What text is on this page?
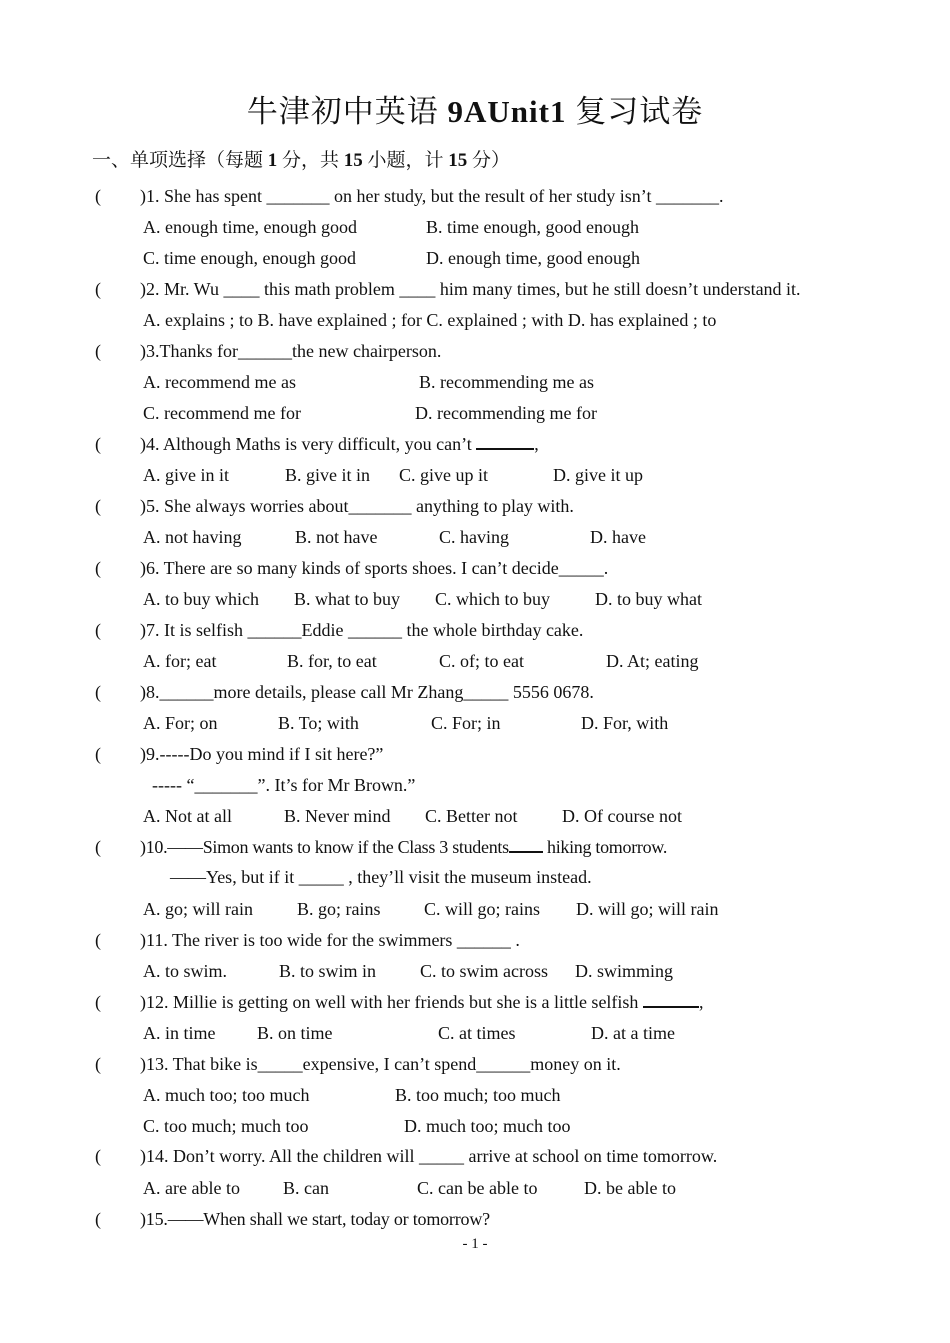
牛津初中英语 9AUnit1 复习试卷
一、单项选择（每题 1 分，共 15 小题，计 15 分）
( )1. She has spent _______ on her study, but the result of her study isn’t _______.
A. enough time, enough good	B. time enough, good enough
C. time enough, enough good	D. enough time, good enough
( )2. Mr. Wu ____ this math problem ____ him many times, but he still doesn’t understand it.
A. explains ; to B. have explained ; for C. explained ; with D. has explained ; to
( )3.Thanks for______the new chairperson.
A. recommend me as	B. recommending me as
C. recommend me for	D. recommending me for
( )4. Although Maths is very difficult, you can’t	,
A. give in it	B. give it in C. give up it	D. give it up
( )5. She always worries about_______ anything to play with.
A. not having	B. not have	C. having	D. have
( )6. There are so many kinds of sports shoes. I can’t decide_____.
A. to buy which B. what to buy C. which to buy	D. to buy what
( )7. It is selfish ______Eddie ______ the whole birthday cake.
A. for; eat	B. for, to eat	C. of; to eat	D. At; eating
( )8.______more details, please call Mr Zhang_____ 5556 0678.
A. For; on	B. To; with	C. For; in	D. For, with
( )9.-----Do you mind if I sit here?”
----- “_______”. It’s for Mr Brown.”
A. Not at all	B. Never mind C. Better not D. Of course not
( )10.——Simon wants to know if the Class 3 students hiking tomorrow.
——Yes, but if it _____ , they’ll visit the museum instead.
A. go; will rain B. go; rains C. will go; rains D. will go; will rain
( )11. The river is too wide for the swimmers ______ .
A. to swim.	B. to swim in C. to swim across D. swimming
( )12. Millie is getting on well with her friends but she is a little selfish	,
A. in time B. on time	C. at times	D. at a time
( )13. That bike is_____expensive, I can’t spend______money on it.
A. much too; too much	B. too much; too much
C. too much; much too	D. much too; much too
( )14. Don’t worry. All the children will _____ arrive at school on time tomorrow.
A. are able to B. can	C. can be able to	D. be able to
( )15.——When shall we start, today or tomorrow?
- 1 -
